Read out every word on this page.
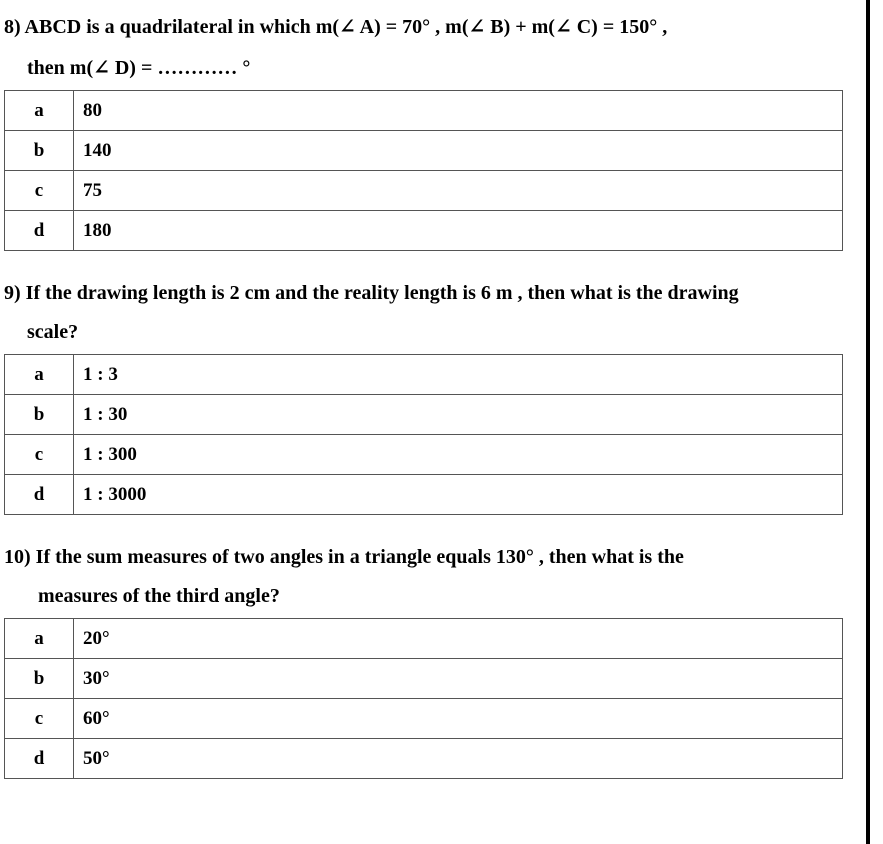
8) ABCD is a quadrilateral in which m(∠ A) = 70° , m(∠ B) + m(∠ C) = 150° ,
then m(∠ D) = ………… °
a	80
b	140
c	75
d	180
9) If the drawing length is 2 cm and the reality length is 6 m , then what is the drawing
scale?
a	1 : 3
b	1 : 30
c	1 : 300
d	1 : 3000
10) If the sum measures of two angles in a triangle equals 130° , then what is the
measures of the third angle?
a	20°
b	30°
c	60°
d	50°
